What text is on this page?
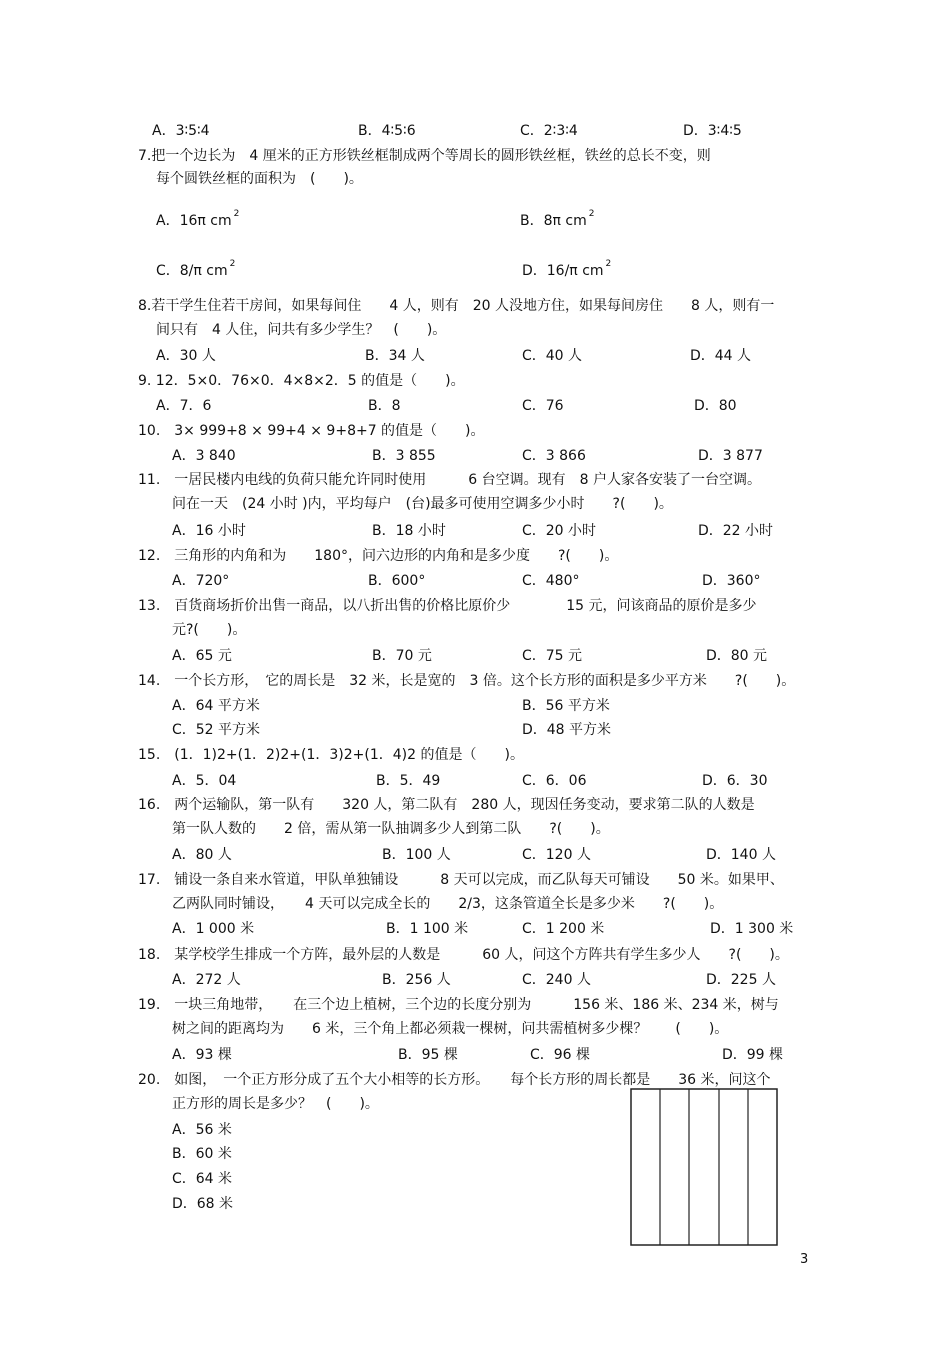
A．3∶5∶4	B．4∶5∶6	C．2∶3∶4	D．3∶4∶5
7.把一个边长为　4 厘米的正方形铁丝框制成两个等周长的圆形铁丝框，铁丝的总长不变，则
每个圆铁丝框的面积为　(　　)。
A．16π cm $^2$	B．8π cm $^2$
C．8/π cm $^2$	D．16/π cm $^2$
8.若干学生住若干房间，如果每间住　　4 人，则有　20 人没地方住，如果每间房住　　8 人，则有一
间只有　4 人住，问共有多少学生？　(　　)。
A．30 人	B．34 人	C．40 人	D．44 人
9. 12．5×0．76×0．4×8×2．5 的值是（　　)。
A．7．6	B．8	C．76	D．80
10.　3× 999+8 × 99+4 × 9+8+7 的值是（　　)。
A．3 840	B．3 855	C．3 866	D．3 877
11.　一居民楼内电线的负荷只能允许同时使用　　　6 台空调。现有　8 户人家各安装了一台空调。
问在一天　(24 小时 )内，平均每户　(台)最多可使用空调多少小时　　?(　　)。
A．16 小时	B．18 小时	C．20 小时	D．22 小时
12.　三角形的内角和为　　180°，问六边形的内角和是多少度　　?(　　)。
A．720°	B．600°	C．480°	D．360°
13.　百货商场折价出售一商品，以八折出售的价格比原价少　　　　15 元，问该商品的原价是多少
元?(　　)。
A．65 元	B．70 元	C．75 元	D．80 元
14.　一个长方形，　它的周长是　32 米，长是宽的　3 倍。这个长方形的面积是多少平方米　　?(　　)。
A．64 平方米	B．56 平方米
C．52 平方米	D．48 平方米
15.　(1．1)2+(1．2)2+(1．3)2+(1．4)2 的值是（　　)。
A．5．04	B．5．49	C．6．06	D．6．30
16.　两个运输队，第一队有　　320 人，第二队有　280 人，现因任务变动，要求第二队的人数是
第一队人数的　　2 倍，需从第一队抽调多少人到第二队　　?(　　)。
A．80 人	B．100 人	C．120 人	D．140 人
17.　铺设一条自来水管道，甲队单独铺设　　　8 天可以完成，而乙队每天可铺设　　50 米。如果甲、
乙两队同时铺设，　　4 天可以完成全长的　　2/3，这条管道全长是多少米　　?(　　)。
A．1 000 米	B．1 100 米	C．1 200 米	D．1 300 米
18.　某学校学生排成一个方阵，最外层的人数是　　　60 人，问这个方阵共有学生多少人　　?(　　)。
A．272 人	B．256 人	C．240 人	D．225 人
19.　一块三角地带，　　在三个边上植树，三个边的长度分别为　　　156 米、186 米、234 米，树与
树之间的距离均为　　6 米，三个角上都必须栽一棵树，问共需植树多少棵？　　(　　)。
A．93 棵	B．95 棵	C．96 棵	D．99 棵
20.　如图，　一个正方形分成了五个大小相等的长方形。　　每个长方形的周长都是　　36 米，问这个
正方形的周长是多少？　(　　)。
A．56 米
B．60 米
C．64 米
D．68 米
3
